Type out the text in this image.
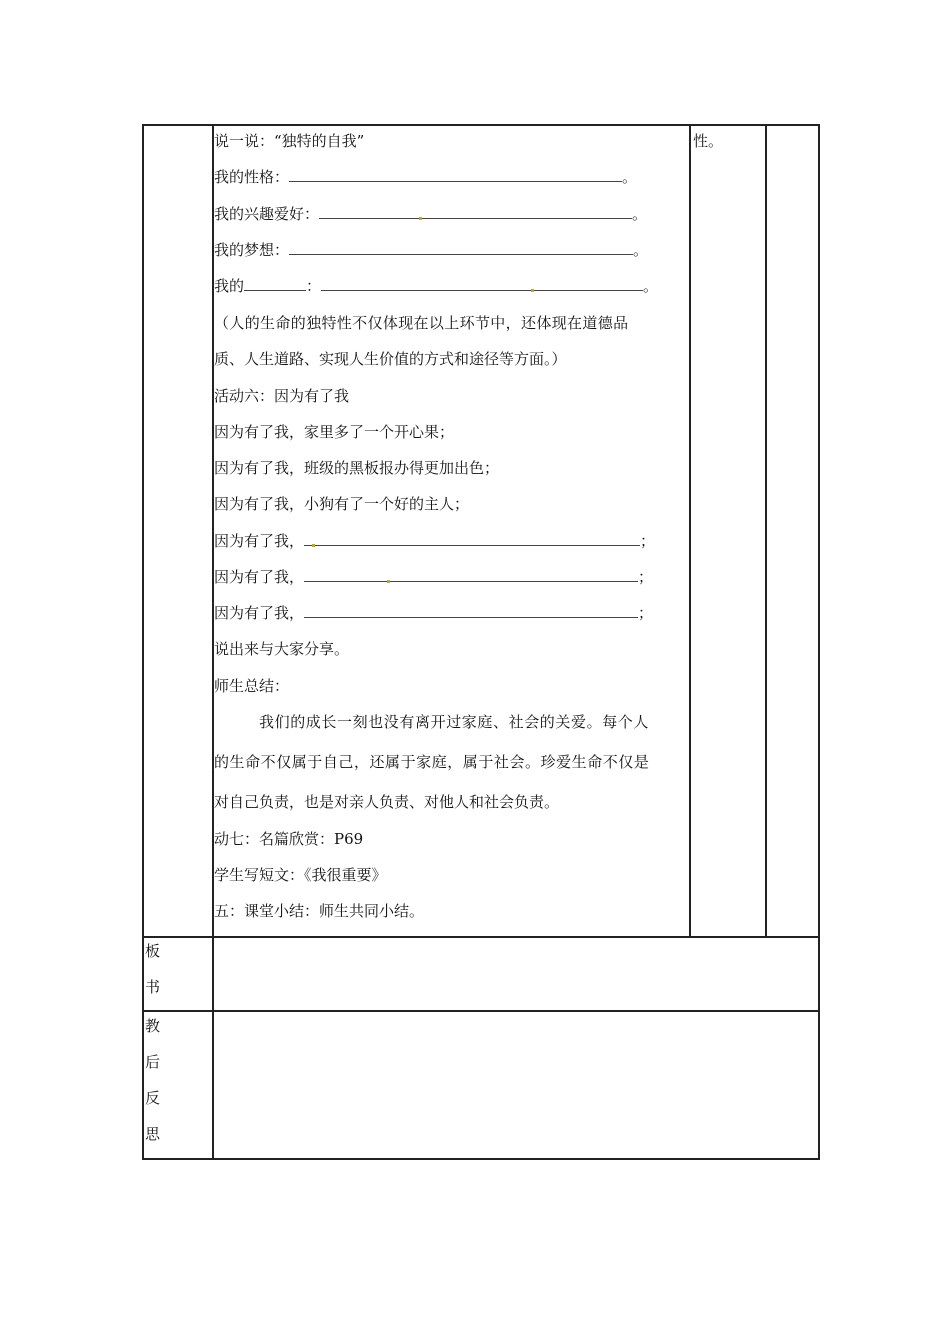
性。
说一说：“独特的自我”
我的性格：	。
我的兴趣爱好：	。
我的梦想：	。
我的	：	。
（人的生命的独特性不仅体现在以上环节中，还体现在道德品
质、人生道路、实现人生价值的方式和途径等方面。）
活动六：因为有了我
因为有了我，家里多了一个开心果；
因为有了我，班级的黑板报办得更加出色；
因为有了我，小狗有了一个好的主人；
因为有了我，	；
因为有了我，	；
因为有了我，	；
说出来与大家分享。
师生总结：
我们的成长一刻也没有离开过家庭、社会的关爱。每个人
的生命不仅属于自己，还属于家庭，属于社会。珍爱生命不仅是
对自己负责，也是对亲人负责、对他人和社会负责。
动七：名篇欣赏：P69
学生写短文：《我很重要》
五：课堂小结：师生共同小结。
板
书
教
后
反
思
